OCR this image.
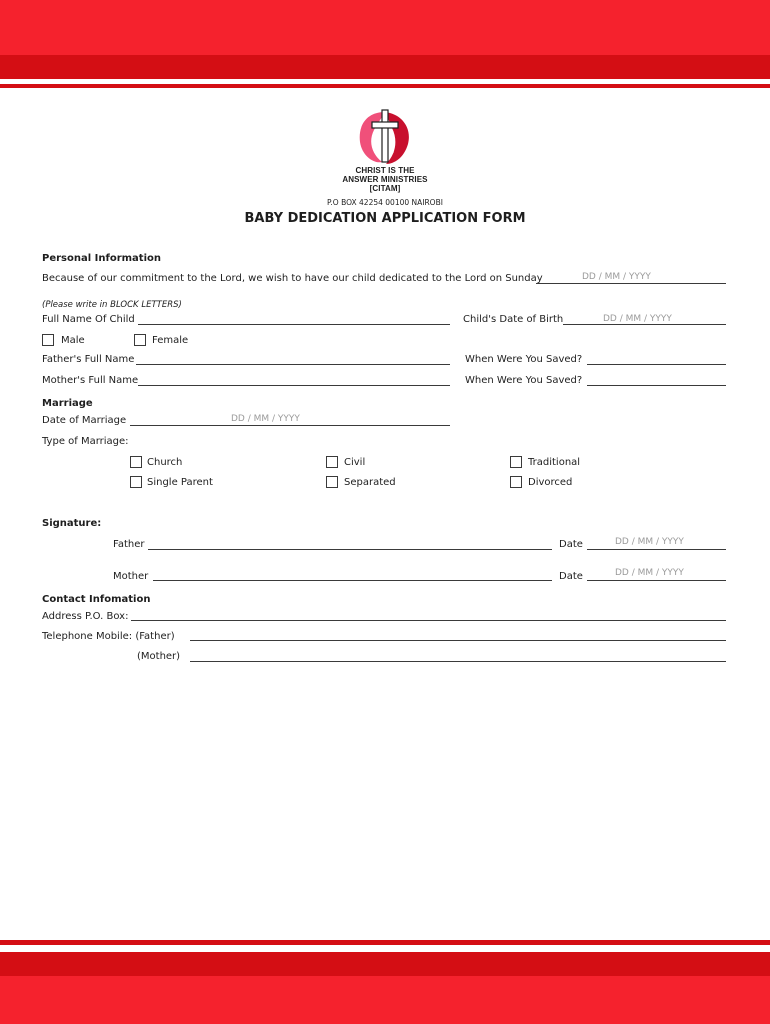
CHRIST IS THE
ANSWER MINISTRIES
[CITAM]
P.O BOX 42254 00100 NAIROBI
BABY DEDICATION APPLICATION FORM
Personal Information
Because of our commitment to the Lord, we wish to have our child dedicated to the Lord on Sunday	DD / MM / YYYY
(Please write in BLOCK LETTERS)
Full Name Of Child	Child's Date of Birth	DD / MM / YYYY
Male	Female
Father's Full Name	When Were You Saved?
Mother's Full Name	When Were You Saved?
Marriage
Date of Marriage	DD / MM / YYYY
Type of Marriage:
Church	Civil	Traditional
Single Parent	Separated	Divorced
Signature:
Father	Date	DD / MM / YYYY
Mother	Date	DD / MM / YYYY
Contact Infomation
Address P.O. Box:
Telephone Mobile: (Father)
(Mother)
